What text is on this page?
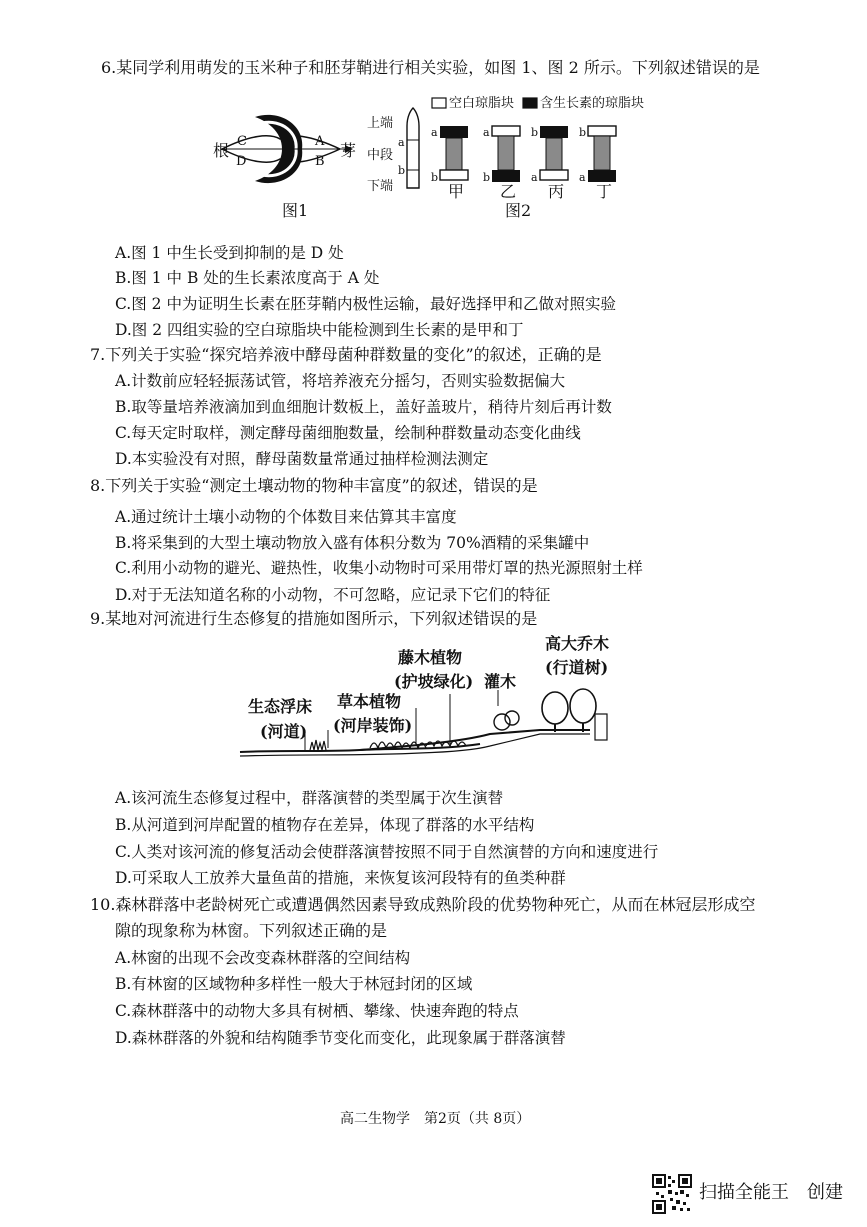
6.某同学利用萌发的玉米种子和胚芽鞘进行相关实验，如图 1、图 2 所示。下列叙述错误的是
根	芽
C
D
A
B
图1
空白琼脂块 含生长素的琼脂块
上端
中段
下端
a
b
a
b
a
b
b
a
b
a
甲 乙 丙 丁
图2
A.图 1 中生长受到抑制的是 D 处
B.图 1 中 B 处的生长素浓度高于 A 处
C.图 2 中为证明生长素在胚芽鞘内极性运输，最好选择甲和乙做对照实验
D.图 2 四组实验的空白琼脂块中能检测到生长素的是甲和丁
7.下列关于实验“探究培养液中酵母菌种群数量的变化”的叙述，正确的是
A.计数前应轻轻振荡试管，将培养液充分摇匀，否则实验数据偏大
B.取等量培养液滴加到血细胞计数板上，盖好盖玻片，稍待片刻后再计数
C.每天定时取样，测定酵母菌细胞数量，绘制种群数量动态变化曲线
D.本实验没有对照，酵母菌数量常通过抽样检测法测定
8.下列关于实验“测定土壤动物的物种丰富度”的叙述，错误的是
A.通过统计土壤小动物的个体数目来估算其丰富度
B.将采集到的大型土壤动物放入盛有体积分数为 70%酒精的采集罐中
C.利用小动物的避光、避热性，收集小动物时可采用带灯罩的热光源照射土样
D.对于无法知道名称的小动物，不可忽略，应记录下它们的特征
9.某地对河流进行生态修复的措施如图所示，下列叙述错误的是
高大乔木
(行道树)
藤木植物
(护坡绿化) 灌木
草本植物
(河岸装饰)
生态浮床
(河道)
A.该河流生态修复过程中，群落演替的类型属于次生演替
B.从河道到河岸配置的植物存在差异，体现了群落的水平结构
C.人类对该河流的修复活动会使群落演替按照不同于自然演替的方向和速度进行
D.可采取人工放养大量鱼苗的措施，来恢复该河段特有的鱼类种群
10.森林群落中老龄树死亡或遭遇偶然因素导致成熟阶段的优势物种死亡，从而在林冠层形成空
隙的现象称为林窗。下列叙述正确的是
A.林窗的出现不会改变森林群落的空间结构
B.有林窗的区域物种多样性一般大于林冠封闭的区域
C.森林群落中的动物大多具有树栖、攀缘、快速奔跑的特点
D.森林群落的外貌和结构随季节变化而变化，此现象属于群落演替
高二生物学　第2页（共 8页）
扫描全能王　创建
